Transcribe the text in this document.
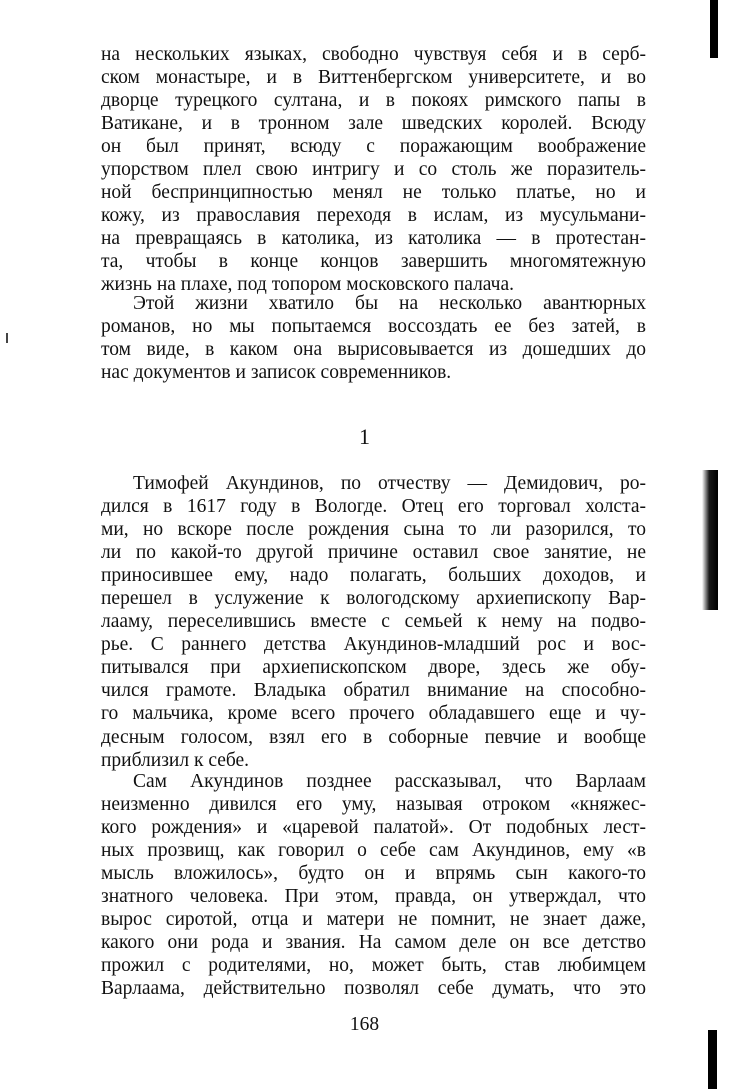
на нескольких языках, свободно чувствуя себя и в серб-
ском монастыре, и в Виттенбергском университете, и во
дворце турецкого султана, и в покоях римского папы в
Ватикане, и в тронном зале шведских королей. Всюду
он был принят, всюду с поражающим воображение
упорством плел свою интригу и со столь же поразитель-
ной беспринципностью менял не только платье, но и
кожу, из православия переходя в ислам, из мусульмани-
на превращаясь в католика, из католика — в протестан-
та, чтобы в конце концов завершить многомятежную
жизнь на плахе, под топором московского палача.
Этой жизни хватило бы на несколько авантюрных
романов, но мы попытаемся воссоздать ее без затей, в
том виде, в каком она вырисовывается из дошедших до
нас документов и записок современников.
1
Тимофей Акундинов, по отчеству — Демидович, ро-
дился в 1617 году в Вологде. Отец его торговал холста-
ми, но вскоре после рождения сына то ли разорился, то
ли по какой-то другой причине оставил свое занятие, не
приносившее ему, надо полагать, больших доходов, и
перешел в услужение к вологодскому архиепископу Вар-
лааму, переселившись вместе с семьей к нему на подво-
рье. С раннего детства Акундинов-младший рос и вос-
питывался при архиепископском дворе, здесь же обу-
чился грамоте. Владыка обратил внимание на способно-
го мальчика, кроме всего прочего обладавшего еще и чу-
десным голосом, взял его в соборные певчие и вообще
приблизил к себе.
Сам Акундинов позднее рассказывал, что Варлаам
неизменно дивился его уму, называя отроком «княжес-
кого рождения» и «царевой палатой». От подобных лест-
ных прозвищ, как говорил о себе сам Акундинов, ему «в
мысль вложилось», будто он и впрямь сын какого-то
знатного человека. При этом, правда, он утверждал, что
вырос сиротой, отца и матери не помнит, не знает даже,
какого они рода и звания. На самом деле он все детство
прожил с родителями, но, может быть, став любимцем
Варлаама, действительно позволял себе думать, что это
168
